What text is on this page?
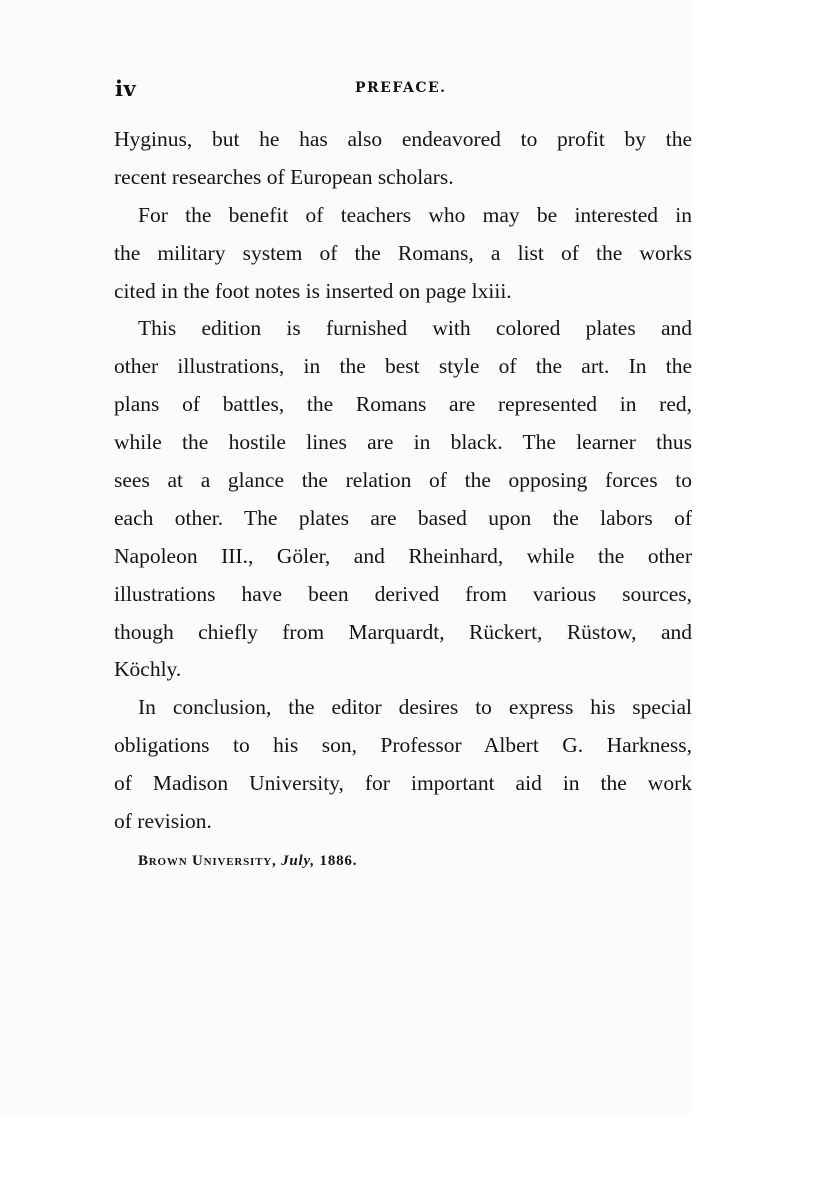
iv	PREFACE.
Hyginus, but he has also endeavored to profit by the
recent researches of European scholars.
For the benefit of teachers who may be interested in
the military system of the Romans, a list of the works
cited in the foot notes is inserted on page lxiii.
This edition is furnished with colored plates and
other illustrations, in the best style of the art. In the
plans of battles, the Romans are represented in red,
while the hostile lines are in black. The learner thus
sees at a glance the relation of the opposing forces to
each other. The plates are based upon the labors of
Napoleon III., Göler, and Rheinhard, while the other
illustrations have been derived from various sources,
though chiefly from Marquardt, Rückert, Rüstow, and
Köchly.
In conclusion, the editor desires to express his special
obligations to his son, Professor Albert G. Harkness,
of Madison University, for important aid in the work
of revision.
Brown University, July, 1886.
